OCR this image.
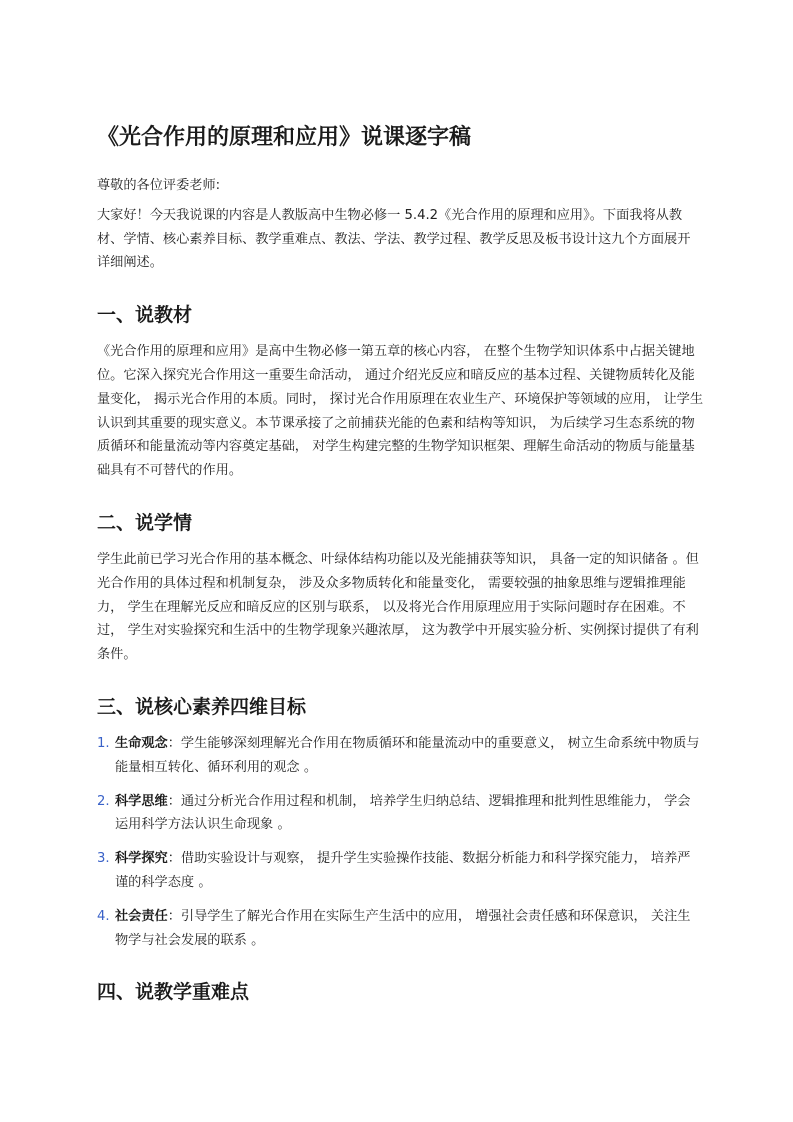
《光合作用的原理和应用》说课逐字稿

尊敬的各位评委老师:

大家好！今天我说课的内容是人教版高中生物必修一 5.4.2《光合作用的原理和应用》。下面我将从教材、学情、核心素养目标、教学重难点、教法、学法、教学过程、教学反思及板书设计这九个方面展开详细阐述。

一、说教材

《光合作用的原理和应用》是高中生物必修一第五章的核心内容， 在整个生物学知识体系中占据关键地位。它深入探究光合作用这一重要生命活动， 通过介绍光反应和暗反应的基本过程、关键物质转化及能量变化， 揭示光合作用的本质。同时， 探讨光合作用原理在农业生产、环境保护等领域的应用， 让学生认识到其重要的现实意义。本节课承接了之前捕获光能的色素和结构等知识， 为后续学习生态系统的物质循环和能量流动等内容奠定基础， 对学生构建完整的生物学知识框架、理解生命活动的物质与能量基础具有不可替代的作用。

二、说学情

学生此前已学习光合作用的基本概念、叶绿体结构功能以及光能捕获等知识， 具备一定的知识储备 。但光合作用的具体过程和机制复杂， 涉及众多物质转化和能量变化， 需要较强的抽象思维与逻辑推理能力， 学生在理解光反应和暗反应的区别与联系， 以及将光合作用原理应用于实际问题时存在困难。不过， 学生对实验探究和生活中的生物学现象兴趣浓厚， 这为教学中开展实验分析、实例探讨提供了有利条件。

三、说核心素养四维目标
1. 生命观念：学生能够深刻理解光合作用在物质循环和能量流动中的重要意义， 树立生命系统中物质与能量相互转化、循环利用的观念 。
2. 科学思维：通过分析光合作用过程和机制， 培养学生归纳总结、逻辑推理和批判性思维能力， 学会运用科学方法认识生命现象 。
3. 科学探究：借助实验设计与观察， 提升学生实验操作技能、数据分析能力和科学探究能力， 培养严谨的科学态度 。
4. 社会责任：引导学生了解光合作用在实际生产生活中的应用， 增强社会责任感和环保意识， 关注生物学与社会发展的联系 。
四、说教学重难点
